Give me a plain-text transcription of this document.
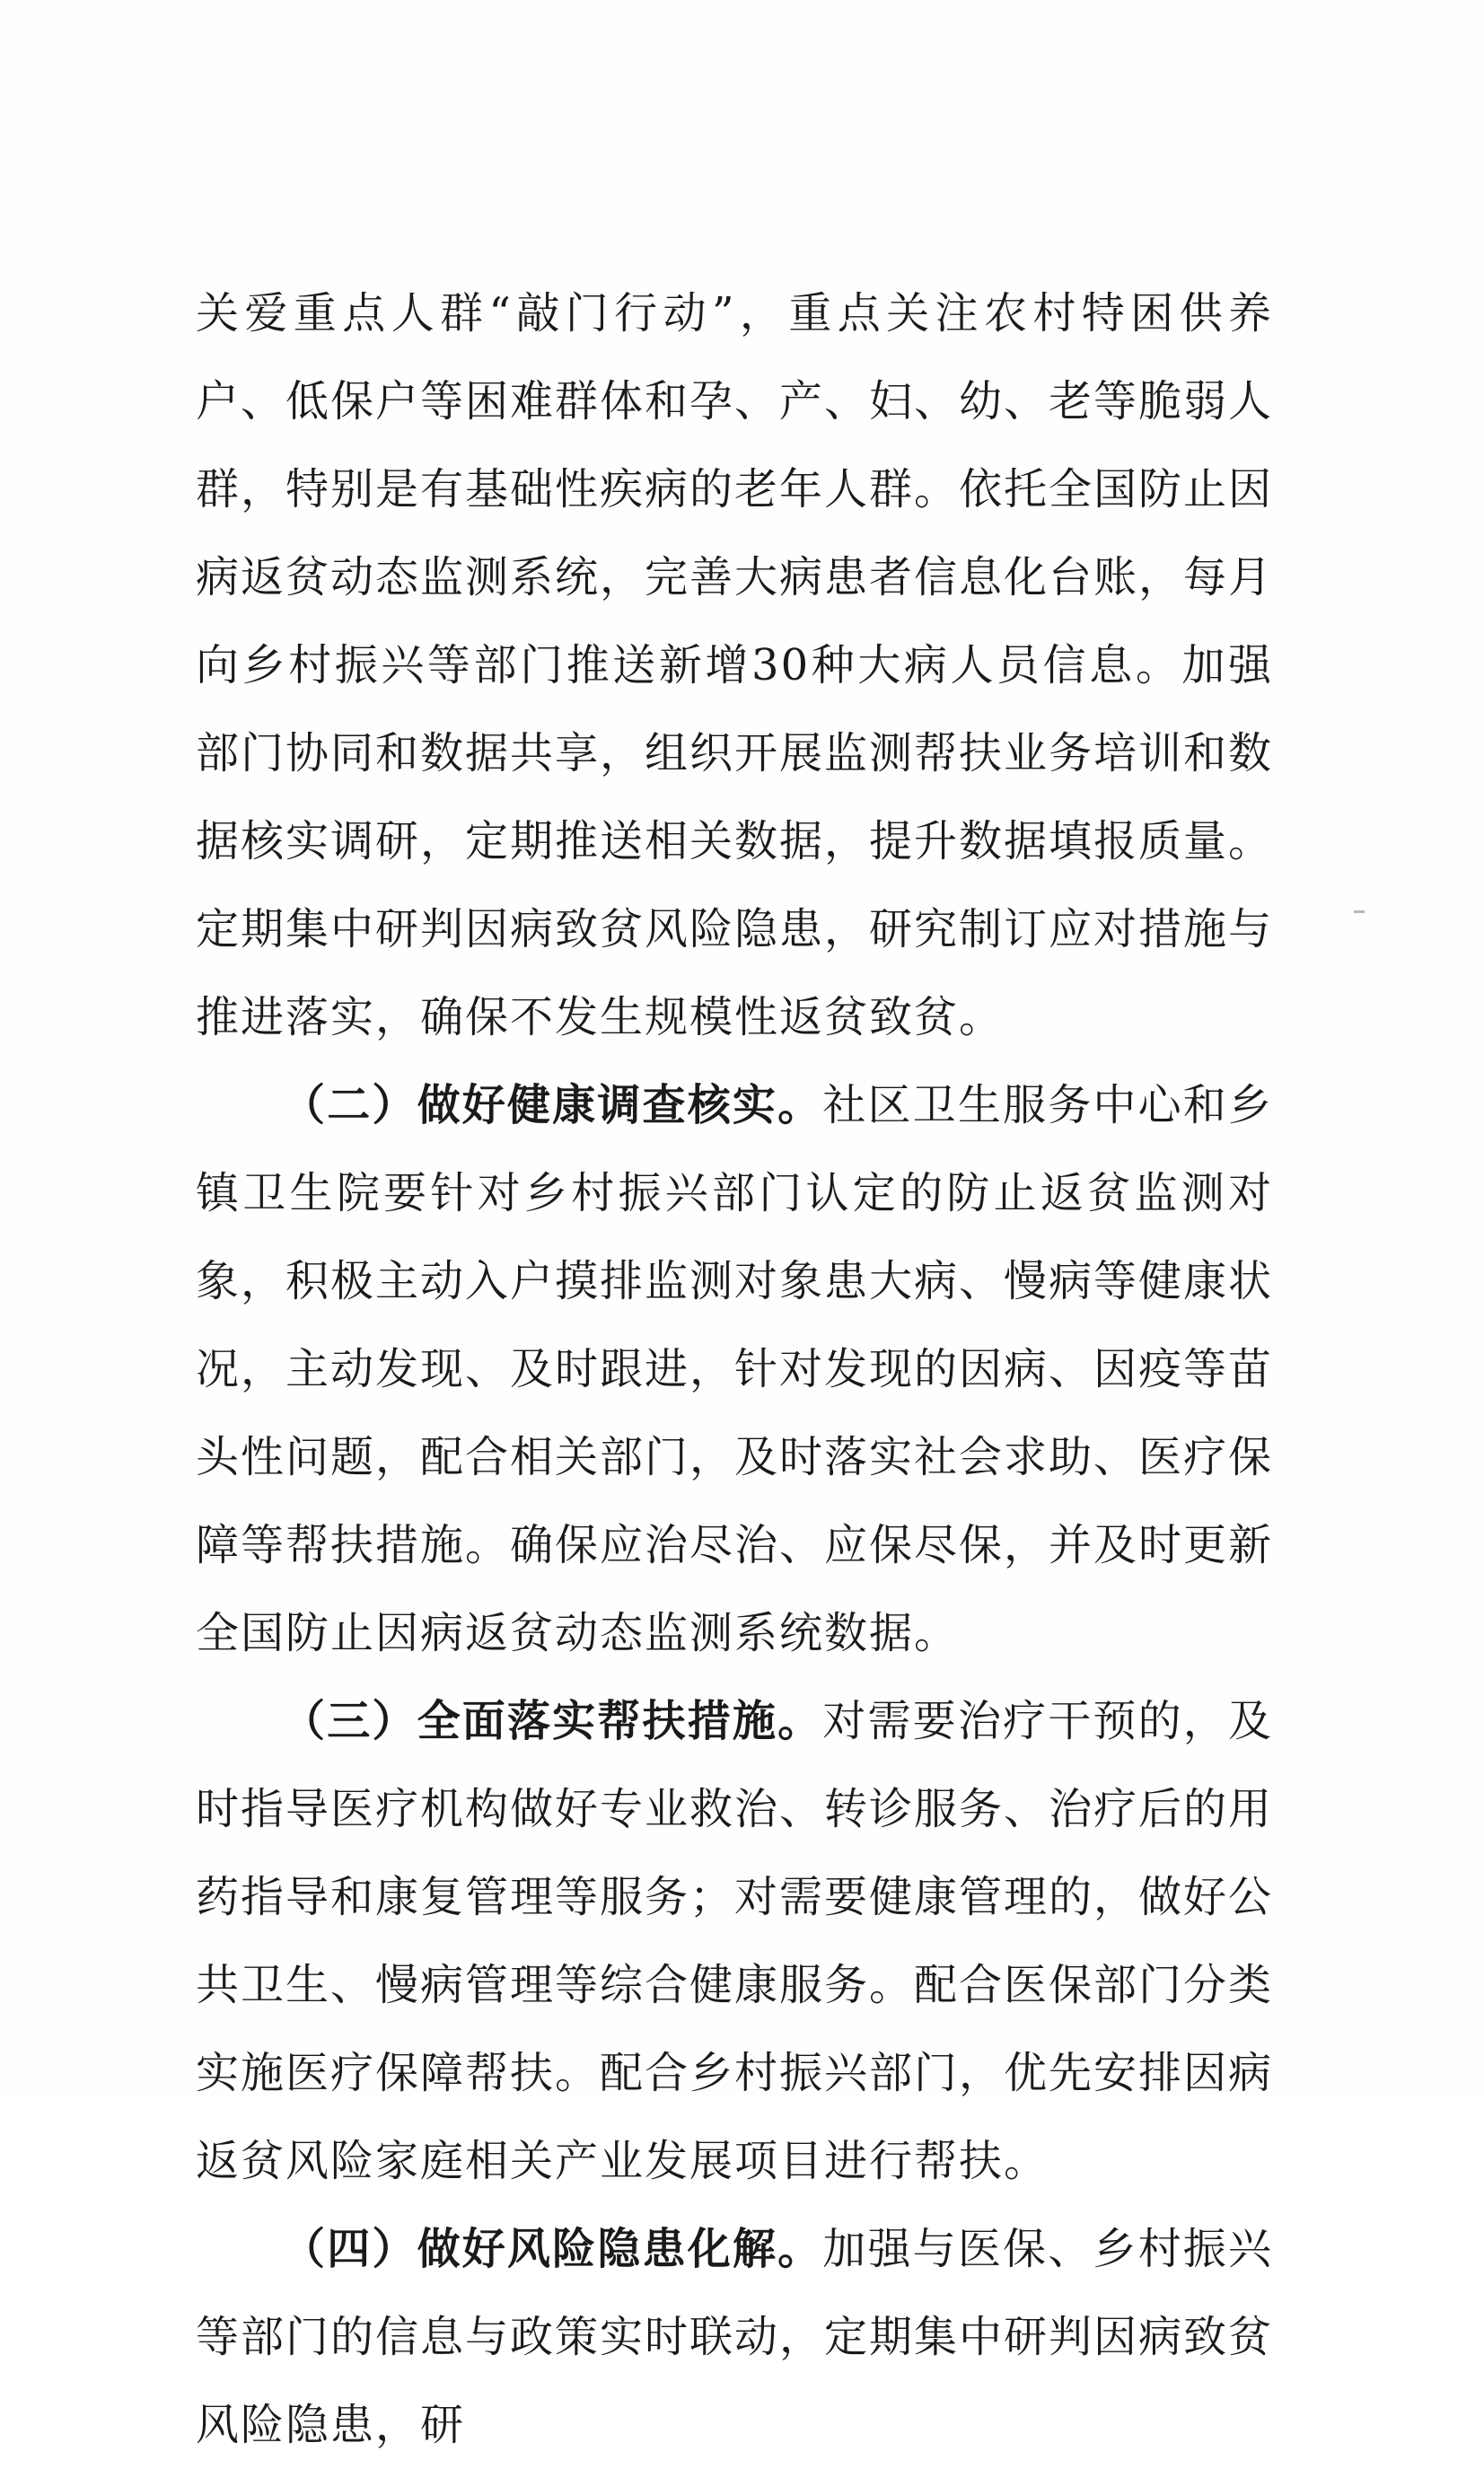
关爱重点人群“敲门行动”，重点关注农村特困供养户、低保户等困难群体和孕、产、妇、幼、老等脆弱人群，特别是有基础性疾病的老年人群。依托全国防止因病返贫动态监测系统，完善大病患者信息化台账，每月向乡村振兴等部门推送新增30种大病人员信息。加强部门协同和数据共享，组织开展监测帮扶业务培训和数据核实调研，定期推送相关数据，提升数据填报质量。定期集中研判因病致贫风险隐患，研究制订应对措施与推进落实，确保不发生规模性返贫致贫。

（二）做好健康调查核实。社区卫生服务中心和乡镇卫生院要针对乡村振兴部门认定的防止返贫监测对象，积极主动入户摸排监测对象患大病、慢病等健康状况，主动发现、及时跟进，针对发现的因病、因疫等苗头性问题，配合相关部门，及时落实社会求助、医疗保障等帮扶措施。确保应治尽治、应保尽保，并及时更新全国防止因病返贫动态监测系统数据。

（三）全面落实帮扶措施。对需要治疗干预的，及时指导医疗机构做好专业救治、转诊服务、治疗后的用药指导和康复管理等服务；对需要健康管理的，做好公共卫生、慢病管理等综合健康服务。配合医保部门分类实施医疗保障帮扶。配合乡村振兴部门，优先安排因病返贫风险家庭相关产业发展项目进行帮扶。

（四）做好风险隐患化解。加强与医保、乡村振兴等部门的信息与政策实时联动，定期集中研判因病致贫风险隐患，研
